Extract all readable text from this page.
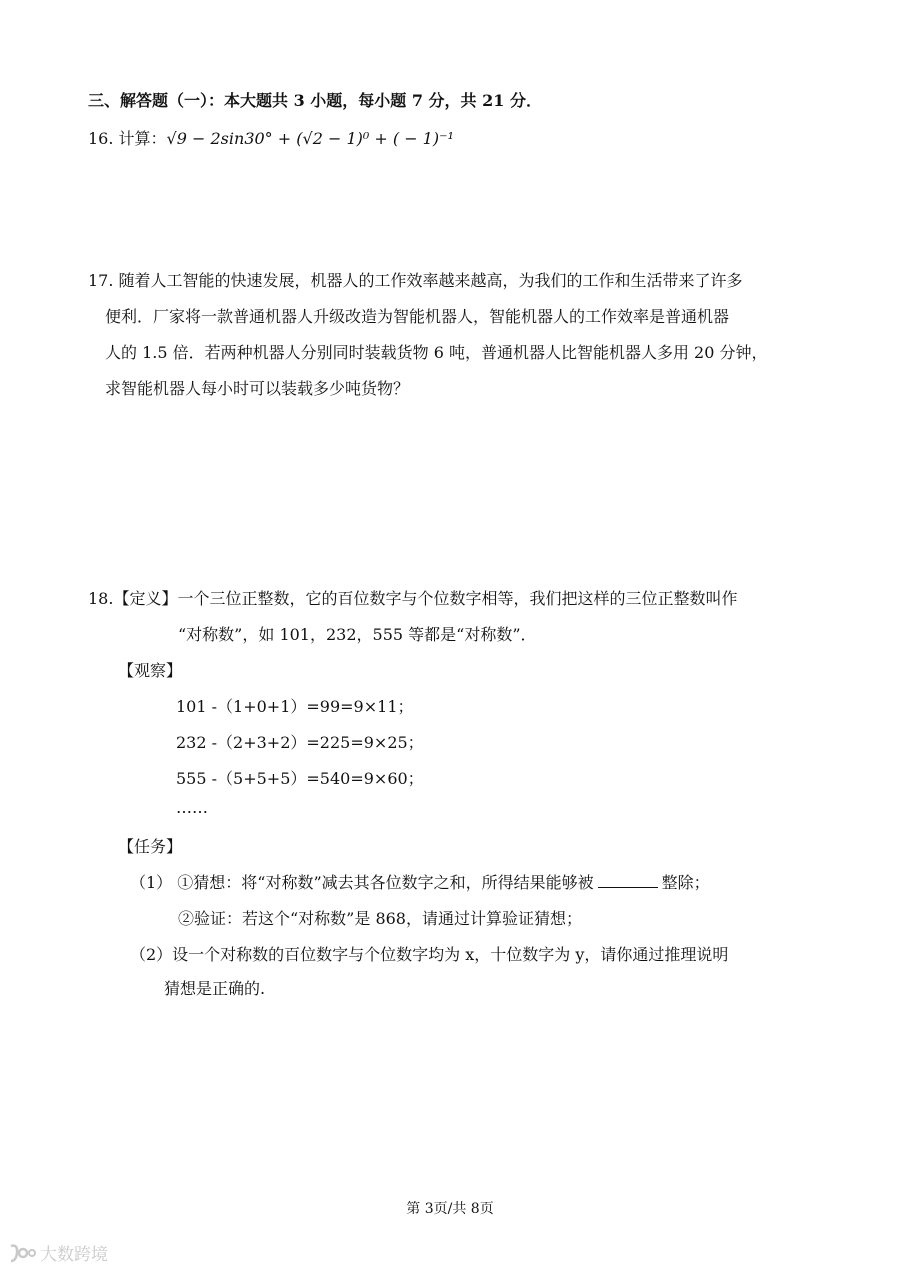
三、解答题（一）：本大题共 3 小题，每小题 7 分，共 21 分．
16. 计算：√9 − 2sin30° + (√2 − 1)⁰ + ( − 1)⁻¹
17. 随着人工智能的快速发展，机器人的工作效率越来越高，为我们的工作和生活带来了许多
便利．厂家将一款普通机器人升级改造为智能机器人，智能机器人的工作效率是普通机器
人的 1.5 倍．若两种机器人分别同时装载货物 6 吨，普通机器人比智能机器人多用 20 分钟，
求智能机器人每小时可以装载多少吨货物？
18.【定义】一个三位正整数，它的百位数字与个位数字相等，我们把这样的三位正整数叫作
“对称数”，如 101，232，555 等都是“对称数”．
【观察】
101 -（1+0+1）=99=9×11；
232 -（2+3+2）=225=9×25；
555 -（5+5+5）=540=9×60；
……
【任务】
（1） ①猜想：将“对称数”减去其各位数字之和，所得结果能够被	整除；
②验证：若这个“对称数”是 868，请通过计算验证猜想；
（2）设一个对称数的百位数字与个位数字均为 x，十位数字为 y，请你通过推理说明
猜想是正确的.
第 3页/共 8页
大数跨境
